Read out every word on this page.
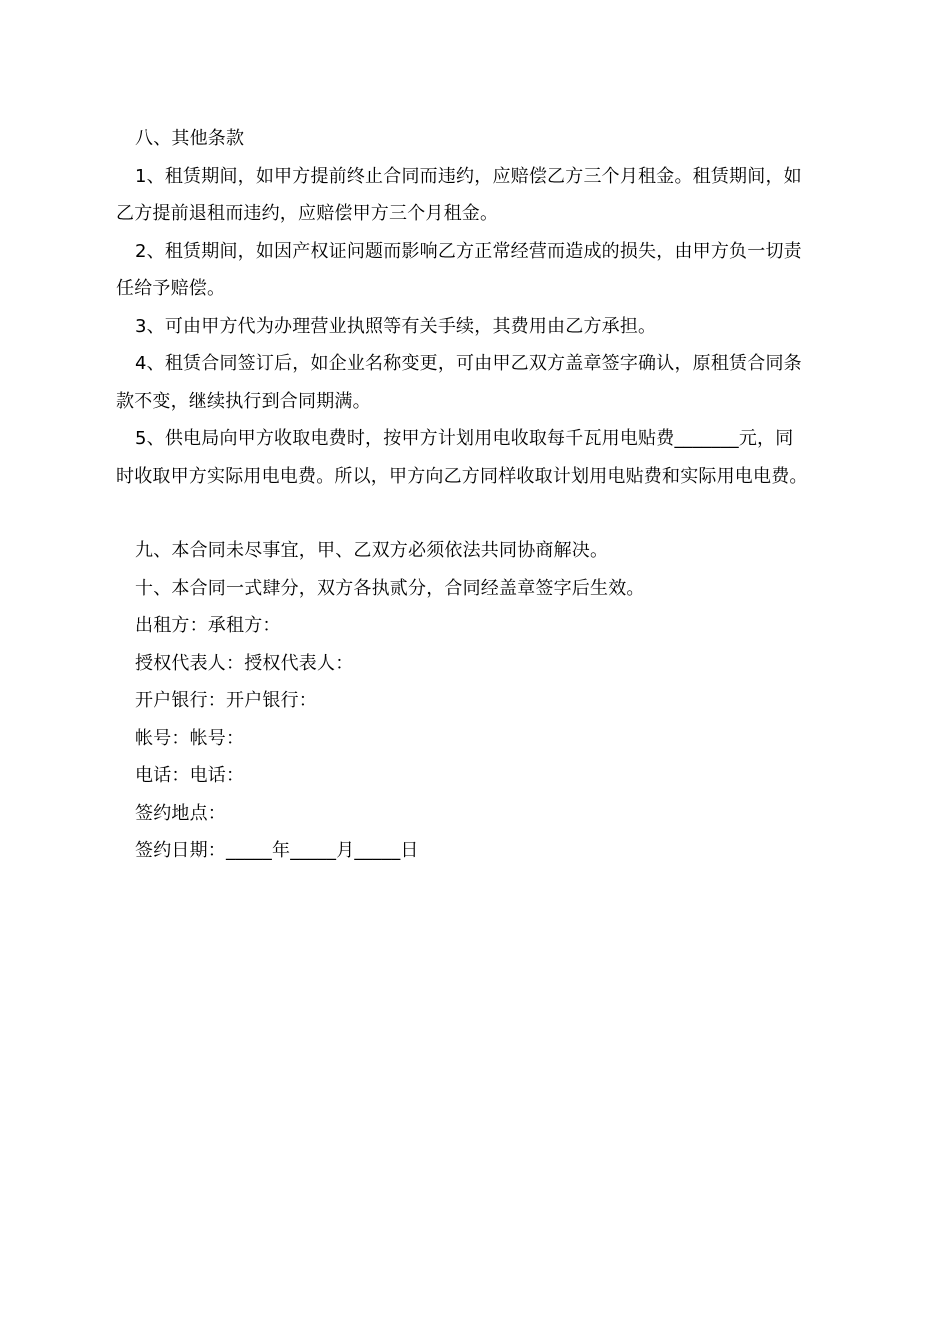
八、其他条款
1、租赁期间，如甲方提前终止合同而违约，应赔偿乙方三个月租金。租赁期间，如
乙方提前退租而违约，应赔偿甲方三个月租金。
2、租赁期间，如因产权证问题而影响乙方正常经营而造成的损失，由甲方负一切责
任给予赔偿。
3、可由甲方代为办理营业执照等有关手续，其费用由乙方承担。
4、租赁合同签订后，如企业名称变更，可由甲乙双方盖章签字确认，原租赁合同条
款不变，继续执行到合同期满。
5、供电局向甲方收取电费时，按甲方计划用电收取每千瓦用电贴费_______元，同
时收取甲方实际用电电费。所以，甲方向乙方同样收取计划用电贴费和实际用电电费。
九、本合同未尽事宜，甲、乙双方必须依法共同协商解决。
十、本合同一式肆分，双方各执贰分，合同经盖章签字后生效。
出租方：承租方：
授权代表人：授权代表人：
开户银行：开户银行：
帐号：帐号：
电话：电话：
签约地点：
签约日期：_____年_____月_____日
